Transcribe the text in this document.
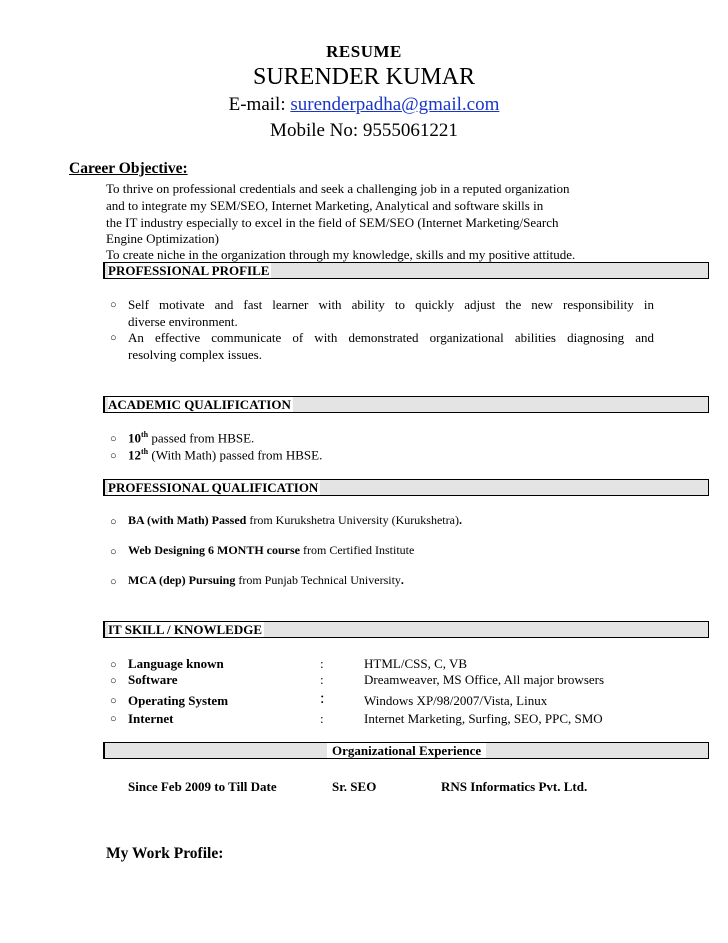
RESUME
SURENDER KUMAR
E-mail: surenderpadha@gmail.com
Mobile No: 9555061221
Career Objective:
To thrive on professional credentials and seek a challenging job in a reputed organization
and to integrate my SEM/SEO, Internet Marketing, Analytical and software skills in
the IT industry especially to excel in the field of SEM/SEO (Internet Marketing/Search
Engine Optimization)
To create niche in the organization through my knowledge, skills and my positive attitude.
PROFESSIONAL PROFILE
○ Self motivate and fast learner with ability to quickly adjust the new responsibility in
diverse environment.
○ An effective communicate of with demonstrated organizational abilities diagnosing and
resolving complex issues.
ACADEMIC QUALIFICATION
○ 10th passed from HBSE.
○ 12th (With Math) passed from HBSE.
PROFESSIONAL QUALIFICATION
○ BA (with Math) Passed from Kurukshetra University (Kurukshetra).
○ Web Designing 6 MONTH course from Certified Institute
○ MCA (dep) Pursuing from Punjab Technical University.
IT SKILL / KNOWLEDGE
○ Language known	:	HTML/CSS, C, VB
○ Software	:	Dreamweaver, MS Office, All major browsers
○ Operating System	:	Windows XP/98/2007/Vista, Linux
○ Internet	:	Internet Marketing, Surfing, SEO, PPC, SMO
Organizational Experience
Since Feb 2009 to Till Date	Sr. SEO	RNS Informatics Pvt. Ltd.
My Work Profile:
